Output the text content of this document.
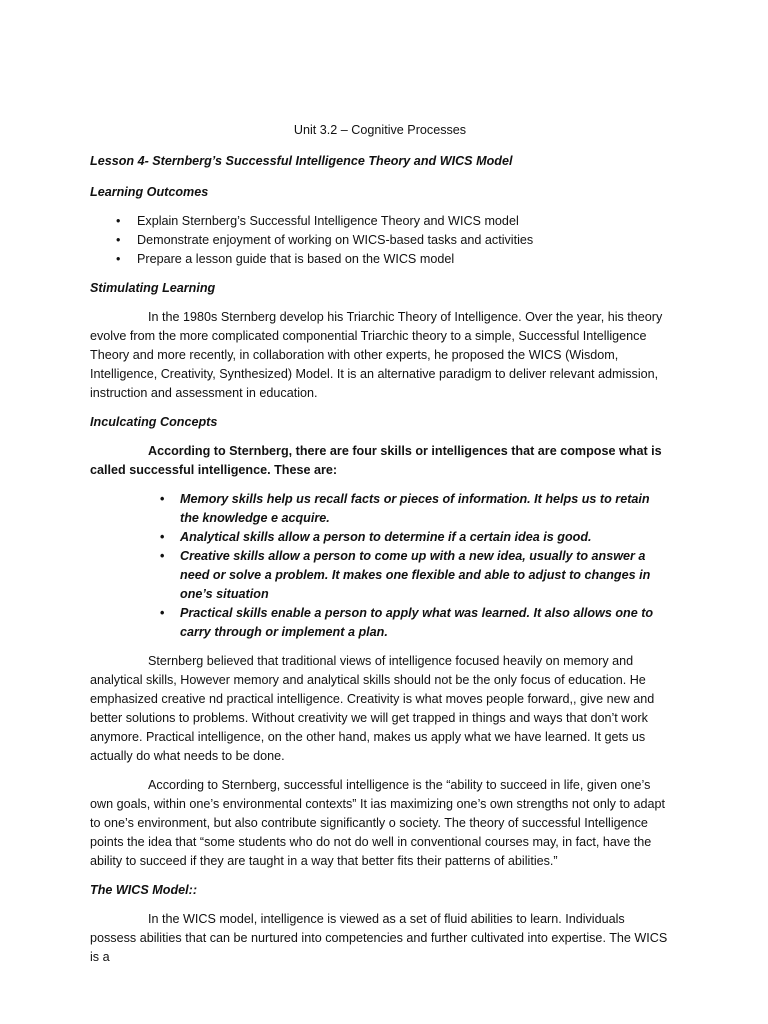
Unit 3.2 – Cognitive Processes
Lesson 4- Sternberg’s Successful Intelligence Theory and WICS Model
Learning Outcomes
• Explain Sternberg’s Successful Intelligence Theory and WICS model
• Demonstrate enjoyment of working on WICS-based tasks and activities
• Prepare a lesson guide that is based on the WICS model
Stimulating Learning

In the 1980s Sternberg develop his Triarchic Theory of Intelligence. Over the year, his theory evolve from the more complicated componential Triarchic theory to a simple, Successful Intelligence Theory and more recently, in collaboration with other experts, he proposed the WICS (Wisdom, Intelligence, Creativity, Synthesized) Model. It is an alternative paradigm to deliver relevant admission, instruction and assessment in education.

Inculcating Concepts

According to Sternberg, there are four skills or intelligences that are compose what is called successful intelligence. These are:

• Memory skills help us recall facts or pieces of information. It helps us to retain the knowledge e acquire.
• Analytical skills allow a person to determine if a certain idea is good.
• Creative skills allow a person to come up with a new idea, usually to answer a need or solve a problem. It makes one flexible and able to adjust to changes in one’s situation
• Practical skills enable a person to apply what was learned. It also allows one to carry through or implement a plan.

Sternberg believed that traditional views of intelligence focused heavily on memory and analytical skills, However memory and analytical skills should not be the only focus of education. He emphasized creative nd practical intelligence. Creativity is what moves people forward,, give new and better solutions to problems. Without creativity we will get trapped in things and ways that don’t work anymore. Practical intelligence, on the other hand, makes us apply what we have learned. It gets us actually do what needs to be done.

According to Sternberg, successful intelligence is the “ability to succeed in life, given one’s own goals, within one’s environmental contexts” It ias maximizing one’s own strengths not only to adapt to one’s environment, but also contribute significantly o society. The theory of successful Intelligence points the idea that “some students who do not do well in conventional courses may, in fact, have the ability to succeed if they are taught in a way that better fits their patterns of abilities.”

The WICS Model::

In the WICS model, intelligence is viewed as a set of fluid abilities to learn. Individuals possess abilities that can be nurtured into competencies and further cultivated into expertise. The WICS is a
